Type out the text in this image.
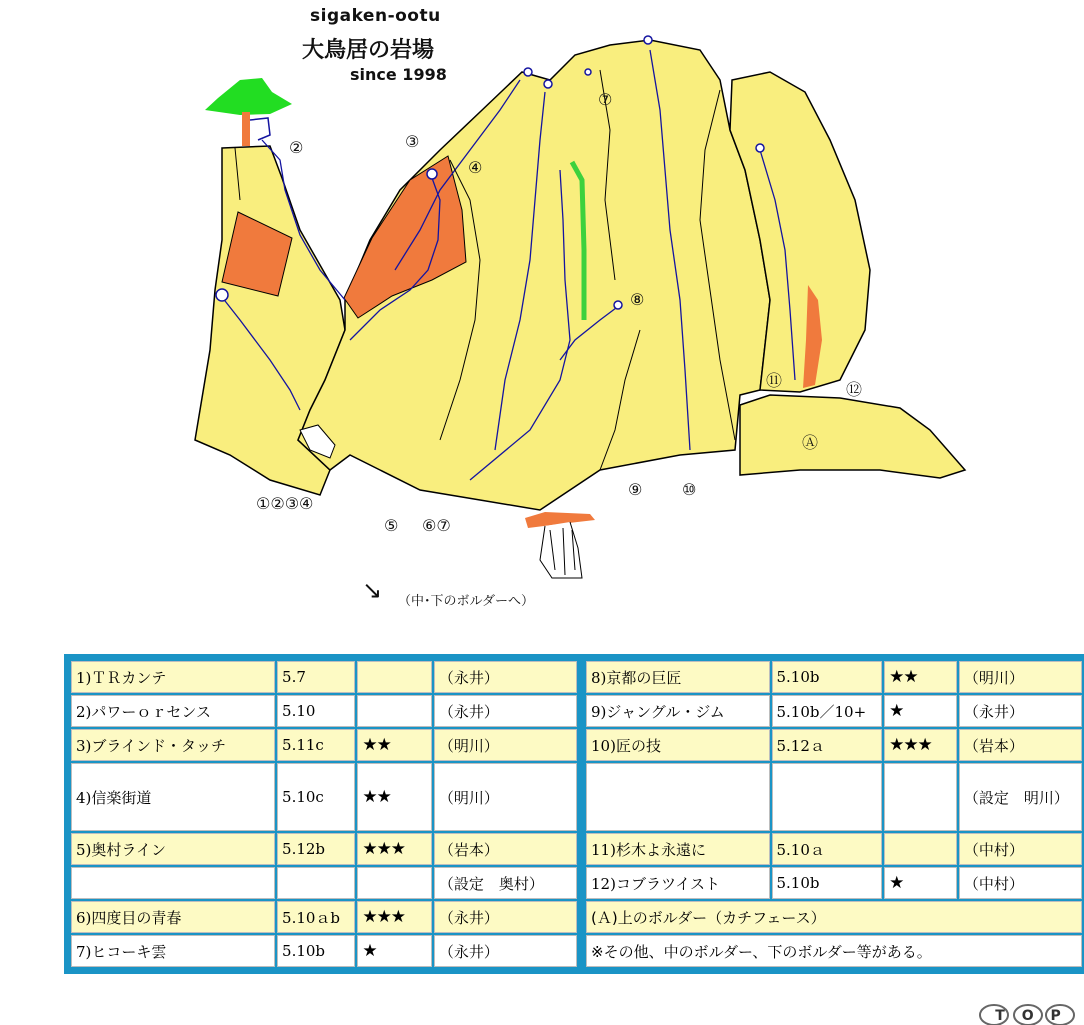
↘
sigaken-ootu
大鳥居の岩場
since 1998
②	③
④
⑦
⑧
⑪	⑫
Ⓐ
①②③④
⑤ ⑥⑦
⑨ ⑩
（中･下のボルダーへ）
1)ＴＲカンテ	5.7		（永井）
2)パワーｏｒセンス	5.10		（永井）
3)ブラインド・タッチ	5.11c	★★	（明川）
4)信楽街道	5.10c	★★	（明川）
5)奥村ライン	5.12b	★★★	（岩本）
			（設定　奥村）
6)四度目の青春	5.10ａb	★★★	（永井）
7)ヒコーキ雲	5.10b	★	（永井）
8)京都の巨匠	5.10b	★★	（明川）
9)ジャングル・ジム	5.10b／10+	★	（永井）
10)匠の技	5.12ａ	★★★	（岩本）
			（設定　明川）
11)杉木よ永遠に	5.10ａ		（中村）
12)コブラツイスト	5.10b	★	（中村）
(Ａ)上のボルダー（カチフェース）			
※その他、中のボルダー、下のボルダー等がある。			
T O P
